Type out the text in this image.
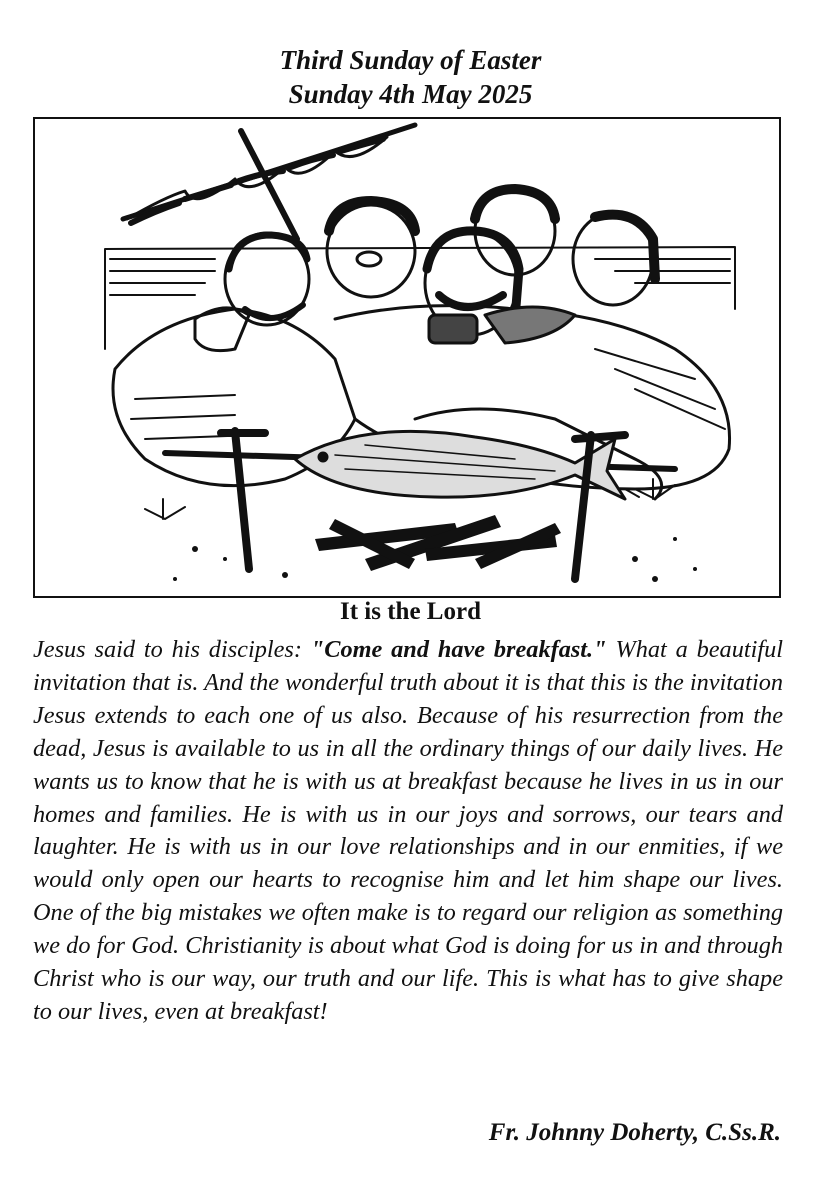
Third Sunday of Easter
Sunday 4th May 2025
It is the Lord

Jesus said to his disciples: "Come and have breakfast." What a beautiful invitation that is. And the wonderful truth about it is that this is the invitation Jesus extends to each one of us also. Because of his resurrection from the dead, Jesus is available to us in all the ordinary things of our daily lives. He wants us to know that he is with us at breakfast because he lives in us in our homes and families. He is with us in our joys and sorrows, our tears and laughter. He is with us in our love relationships and in our enmities, if we would only open our hearts to recognise him and let him shape our lives. One of the big mistakes we often make is to regard our religion as something we do for God. Christianity is about what God is doing for us in and through Christ who is our way, our truth and our life. This is what has to give shape to our lives, even at breakfast!

Fr. Johnny Doherty, C.Ss.R.
